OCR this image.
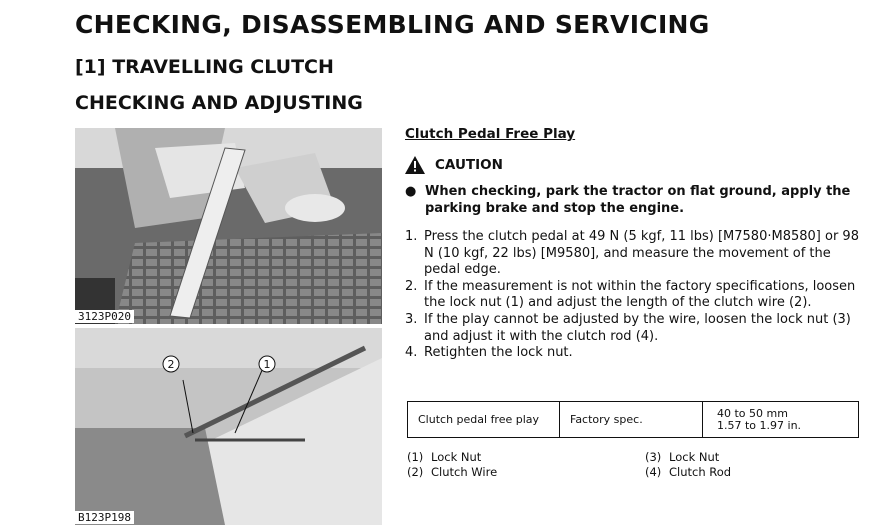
CHECKING, DISASSEMBLING AND SERVICING
[1] TRAVELLING CLUTCH
CHECKING AND ADJUSTING
3123P020
2	1
B123P198
Clutch Pedal Free Play
CAUTION
● When checking, park the tractor on flat ground, apply the parking brake and stop the engine.
1. Press the clutch pedal at 49 N (5 kgf, 11 lbs) [M7580·M8580] or 98 N (10 kgf, 22 lbs) [M9580], and measure the movement of the pedal edge.
2. If the measurement is not within the factory specifications, loosen the lock nut (1) and adjust the length of the clutch wire (2).
3. If the play cannot be adjusted by the wire, loosen the lock nut (3) and adjust it with the clutch rod (4).
4. Retighten the lock nut.
Clutch pedal free play	Factory spec.	40 to 50 mm
1.57 to 1.97 in.
(1) Lock Nut
(2) Clutch Wire
(3) Lock Nut
(4) Clutch Rod
